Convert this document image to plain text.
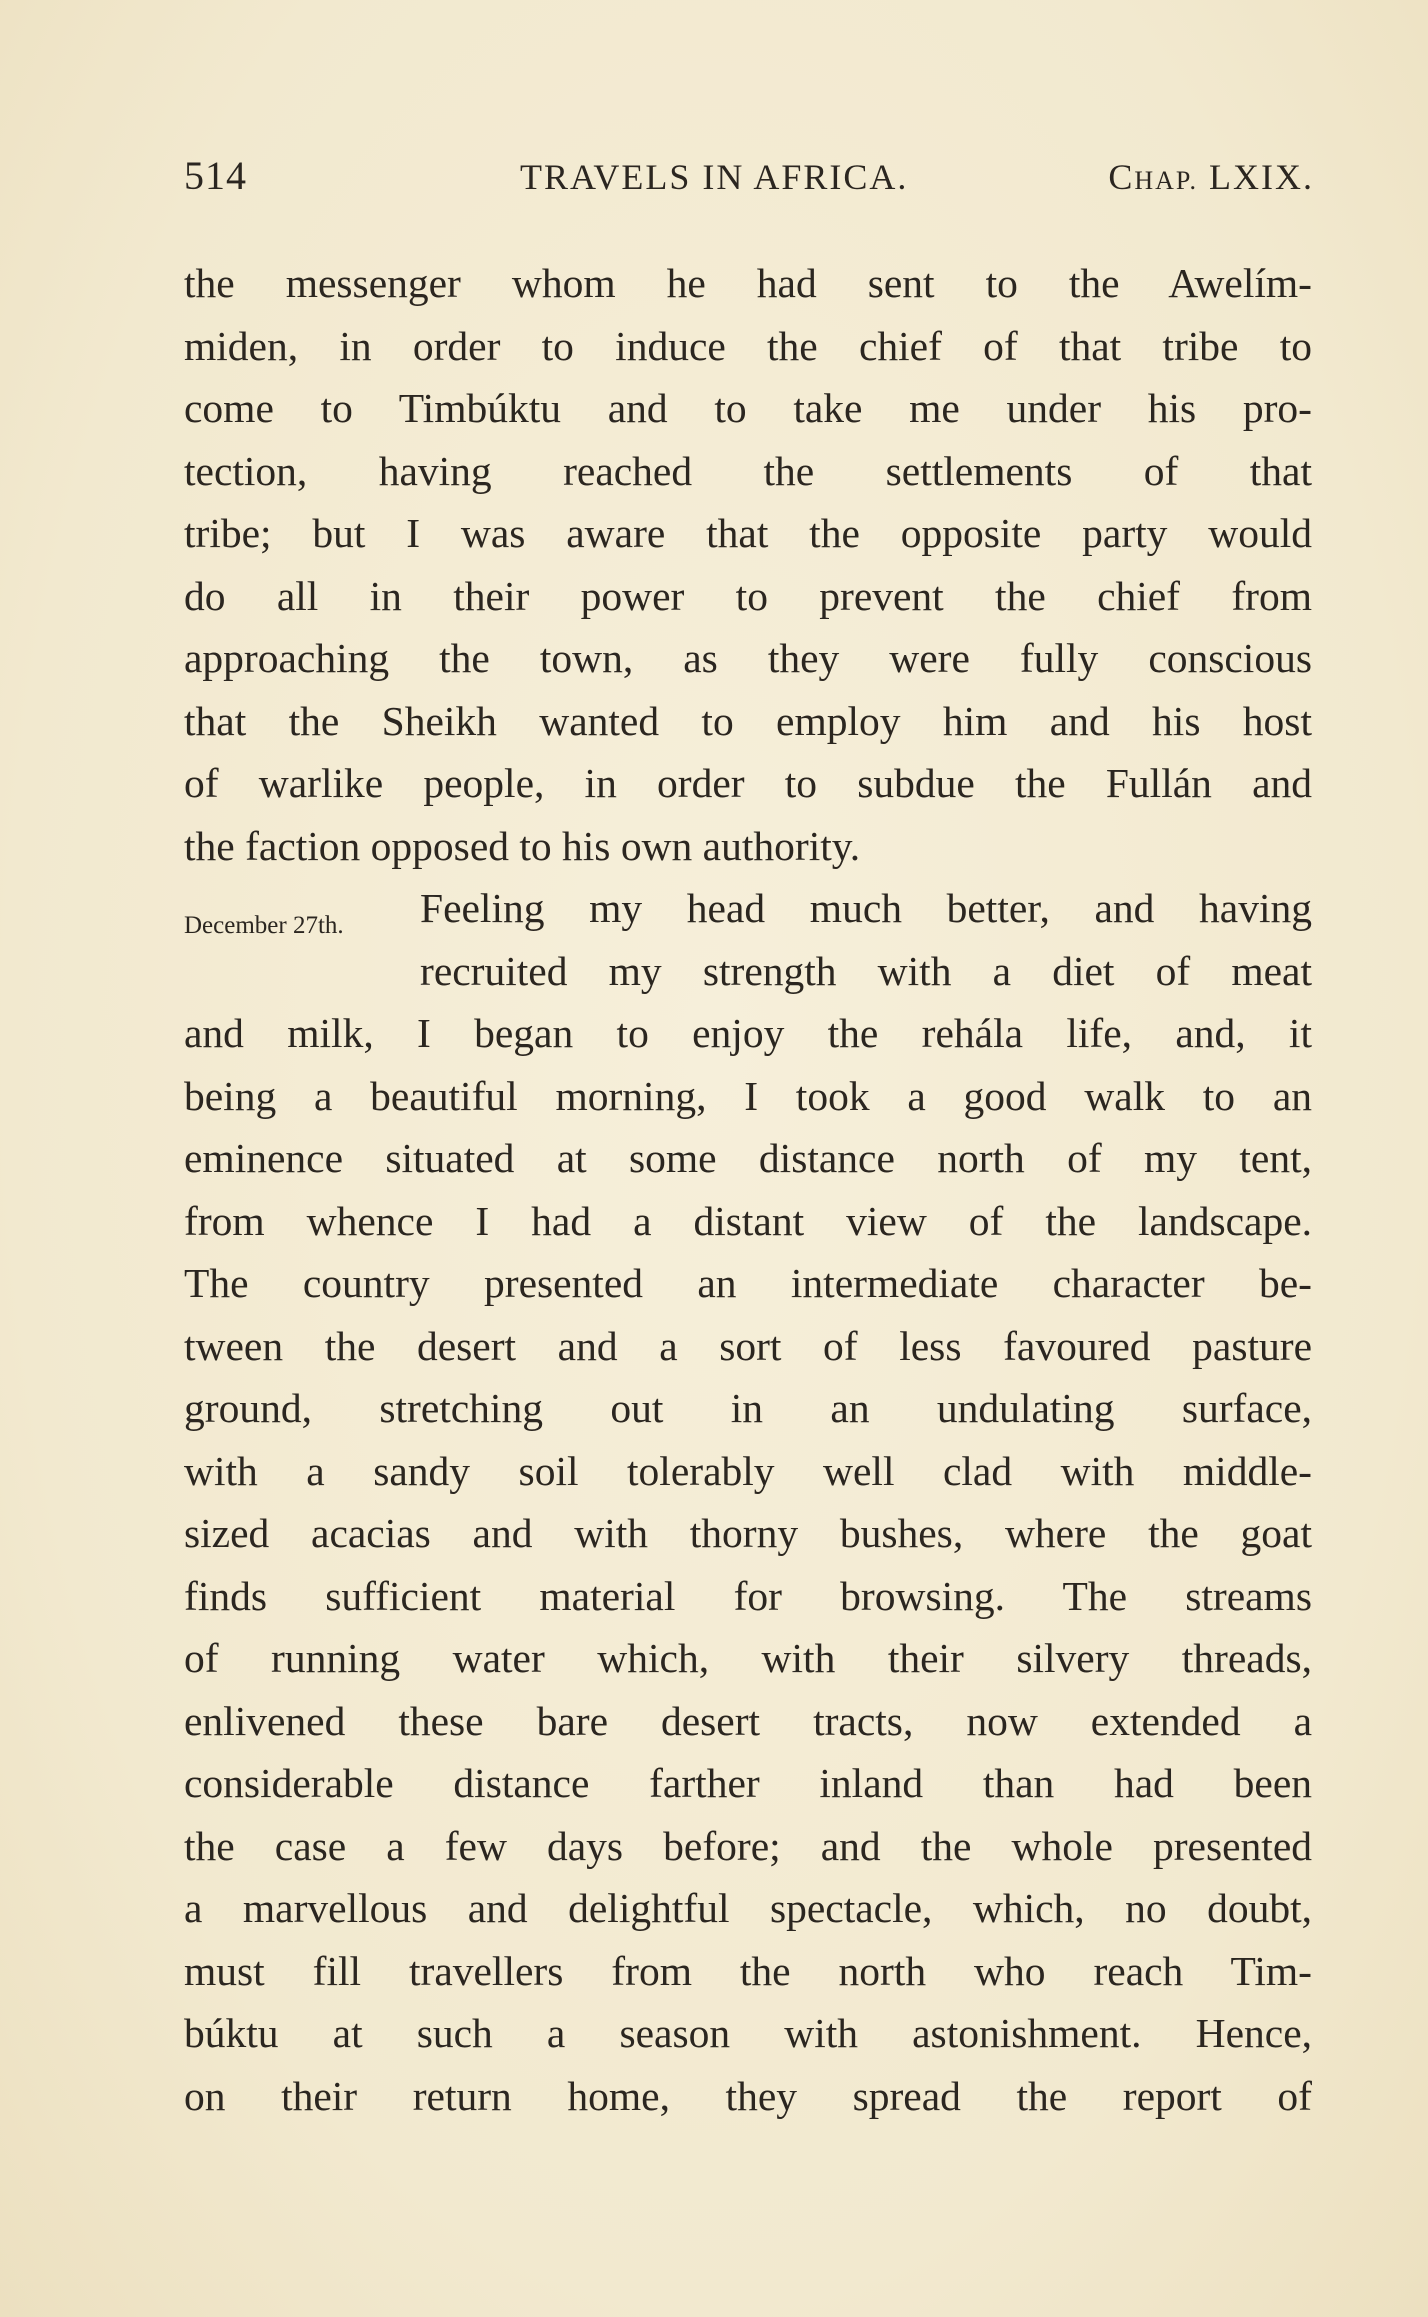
514	TRAVELS IN AFRICA.	CHAP. LXIX.
December 27th.
the messenger whom he had sent to the Awelím-
miden, in order to induce the chief of that tribe to
come to Timbúktu and to take me under his pro-
tection, having reached the settlements of that
tribe; but I was aware that the opposite party would
do all in their power to prevent the chief from
approaching the town, as they were fully conscious
that the Sheikh wanted to employ him and his host
of warlike people, in order to subdue the Fullán and
the faction opposed to his own authority.
Feeling my head much better, and having
recruited my strength with a diet of meat
and milk, I began to enjoy the rehála life, and, it
being a beautiful morning, I took a good walk to an
eminence situated at some distance north of my tent,
from whence I had a distant view of the landscape.
The country presented an intermediate character be-
tween the desert and a sort of less favoured pasture
ground, stretching out in an undulating surface,
with a sandy soil tolerably well clad with middle-
sized acacias and with thorny bushes, where the goat
finds sufficient material for browsing. The streams
of running water which, with their silvery threads,
enlivened these bare desert tracts, now extended a
considerable distance farther inland than had been
the case a few days before; and the whole presented
a marvellous and delightful spectacle, which, no doubt,
must fill travellers from the north who reach Tim-
búktu at such a season with astonishment. Hence,
on their return home, they spread the report of
